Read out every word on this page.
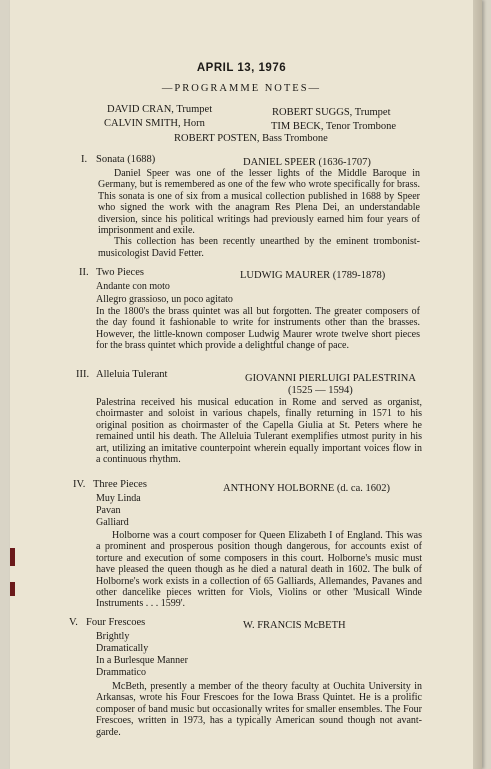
APRIL 13, 1976
—PROGRAMME NOTES—
DAVID CRAN, Trumpet	ROBERT SUGGS, Trumpet
CALVIN SMITH, Horn	TIM BECK, Tenor Trombone
ROBERT POSTEN, Bass Trombone
I. Sonata (1688)	DANIEL SPEER (1636-1707)
Daniel Speer was one of the lesser lights of the Middle Baroque in Germany, but is remembered as one of the few who wrote specifically for brass. This sonata is one of six from a musical collection published in 1688 by Speer who signed the work with the anagram Res Plena Dei, an understandable diversion, since his political writings had previously earned him four years of imprisonment and exile.
This collection has been recently unearthed by the eminent trombonist-musicologist David Fetter.
II. Two Pieces	LUDWIG MAURER (1789-1878)
Andante con moto
Allegro grassioso, un poco agitato
In the 1800's the brass quintet was all but forgotten. The greater composers of the day found it fashionable to write for instruments other than the brasses. However, the little-known composer Ludwig Maurer wrote twelve short pieces for the brass quintet which provide a delightful change of pace.
III. Alleluia Tulerant	GIOVANNI PIERLUIGI PALESTRINA
(1525 — 1594)
Palestrina received his musical education in Rome and served as organist, choirmaster and soloist in various chapels, finally returning in 1571 to his original position as choirmaster of the Capella Giulia at St. Peters where he remained until his death. The Alleluia Tulerant exemplifies utmost purity in his art, utilizing an imitative counterpoint wherein equally important voices flow in a continuous rhythm.
IV. Three Pieces	ANTHONY HOLBORNE (d. ca. 1602)
Muy Linda
Pavan
Galliard
Holborne was a court composer for Queen Elizabeth I of England. This was a prominent and prosperous position though dangerous, for accounts exist of torture and execution of some composers in this court. Holborne's music must have pleased the queen though as he died a natural death in 1602. The bulk of Holborne's work exists in a collection of 65 Galliards, Allemandes, Pavanes and other dancelike pieces written for Viols, Violins or other 'Musicall Winde Instruments . . . 1599'.
V. Four Frescoes	W. FRANCIS McBETH
Brightly
Dramatically
In a Burlesque Manner
Drammatico
McBeth, presently a member of the theory faculty at Ouchita University in Arkansas, wrote his Four Frescoes for the Iowa Brass Quintet. He is a prolific composer of band music but occasionally writes for smaller ensembles. The Four Frescoes, written in 1973, has a typically American sound though not avant-garde.
